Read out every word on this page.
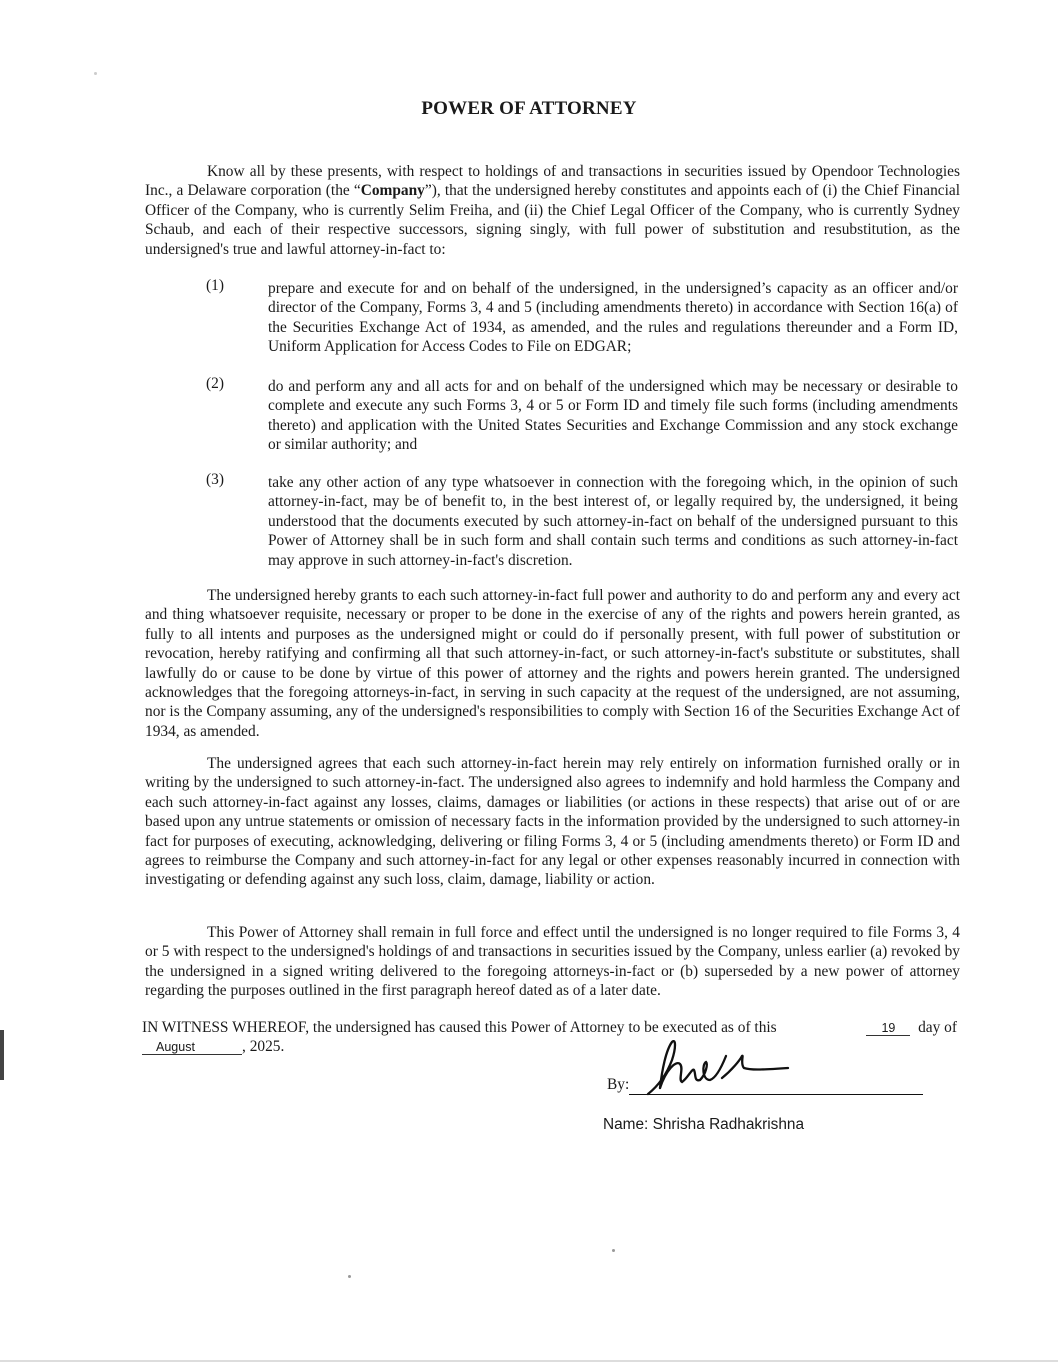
POWER OF ATTORNEY
Know all by these presents, with respect to holdings of and transactions in securities issued by Opendoor Technologies Inc., a Delaware corporation (the “Company”), that the undersigned hereby constitutes and appoints each of (i) the Chief Financial Officer of the Company, who is currently Selim Freiha, and (ii) the Chief Legal Officer of the Company, who is currently Sydney Schaub, and each of their respective successors, signing singly, with full power of substitution and resubstitution, as the undersigned's true and lawful attorney-in-fact to:
(1)	prepare and execute for and on behalf of the undersigned, in the undersigned’s capacity as an officer and/or director of the Company, Forms 3, 4 and 5 (including amendments thereto) in accordance with Section 16(a) of the Securities Exchange Act of 1934, as amended, and the rules and regulations thereunder and a Form ID, Uniform Application for Access Codes to File on EDGAR;
(2)	do and perform any and all acts for and on behalf of the undersigned which may be necessary or desirable to complete and execute any such Forms 3, 4 or 5 or Form ID and timely file such forms (including amendments thereto) and application with the United States Securities and Exchange Commission and any stock exchange or similar authority; and
(3)	take any other action of any type whatsoever in connection with the foregoing which, in the opinion of such attorney-in-fact, may be of benefit to, in the best interest of, or legally required by, the undersigned, it being understood that the documents executed by such attorney-in-fact on behalf of the undersigned pursuant to this Power of Attorney shall be in such form and shall contain such terms and conditions as such attorney-in-fact may approve in such attorney-in-fact's discretion.
The undersigned hereby grants to each such attorney-in-fact full power and authority to do and perform any and every act and thing whatsoever requisite, necessary or proper to be done in the exercise of any of the rights and powers herein granted, as fully to all intents and purposes as the undersigned might or could do if personally present, with full power of substitution or revocation, hereby ratifying and confirming all that such attorney-in-fact, or such attorney-in-fact's substitute or substitutes, shall lawfully do or cause to be done by virtue of this power of attorney and the rights and powers herein granted. The undersigned acknowledges that the foregoing attorneys-in-fact, in serving in such capacity at the request of the undersigned, are not assuming, nor is the Company assuming, any of the undersigned's responsibilities to comply with Section 16 of the Securities Exchange Act of 1934, as amended.
The undersigned agrees that each such attorney-in-fact herein may rely entirely on information furnished orally or in writing by the undersigned to such attorney-in-fact. The undersigned also agrees to indemnify and hold harmless the Company and each such attorney-in-fact against any losses, claims, damages or liabilities (or actions in these respects) that arise out of or are based upon any untrue statements or omission of necessary facts in the information provided by the undersigned to such attorney-in fact for purposes of executing, acknowledging, delivering or filing Forms 3, 4 or 5 (including amendments thereto) or Form ID and agrees to reimburse the Company and such attorney-in-fact for any legal or other expenses reasonably incurred in connection with investigating or defending against any such loss, claim, damage, liability or action.
This Power of Attorney shall remain in full force and effect until the undersigned is no longer required to file Forms 3, 4 or 5 with respect to the undersigned's holdings of and transactions in securities issued by the Company, unless earlier (a) revoked by the undersigned in a signed writing delivered to the foregoing attorneys-in-fact or (b) superseded by a new power of attorney regarding the purposes outlined in the first paragraph hereof dated as of a later date.
IN WITNESS WHEREOF, the undersigned has caused this Power of Attorney to be executed as of this	19 day of
August	, 2025.
By:
Name: Shrisha Radhakrishna
